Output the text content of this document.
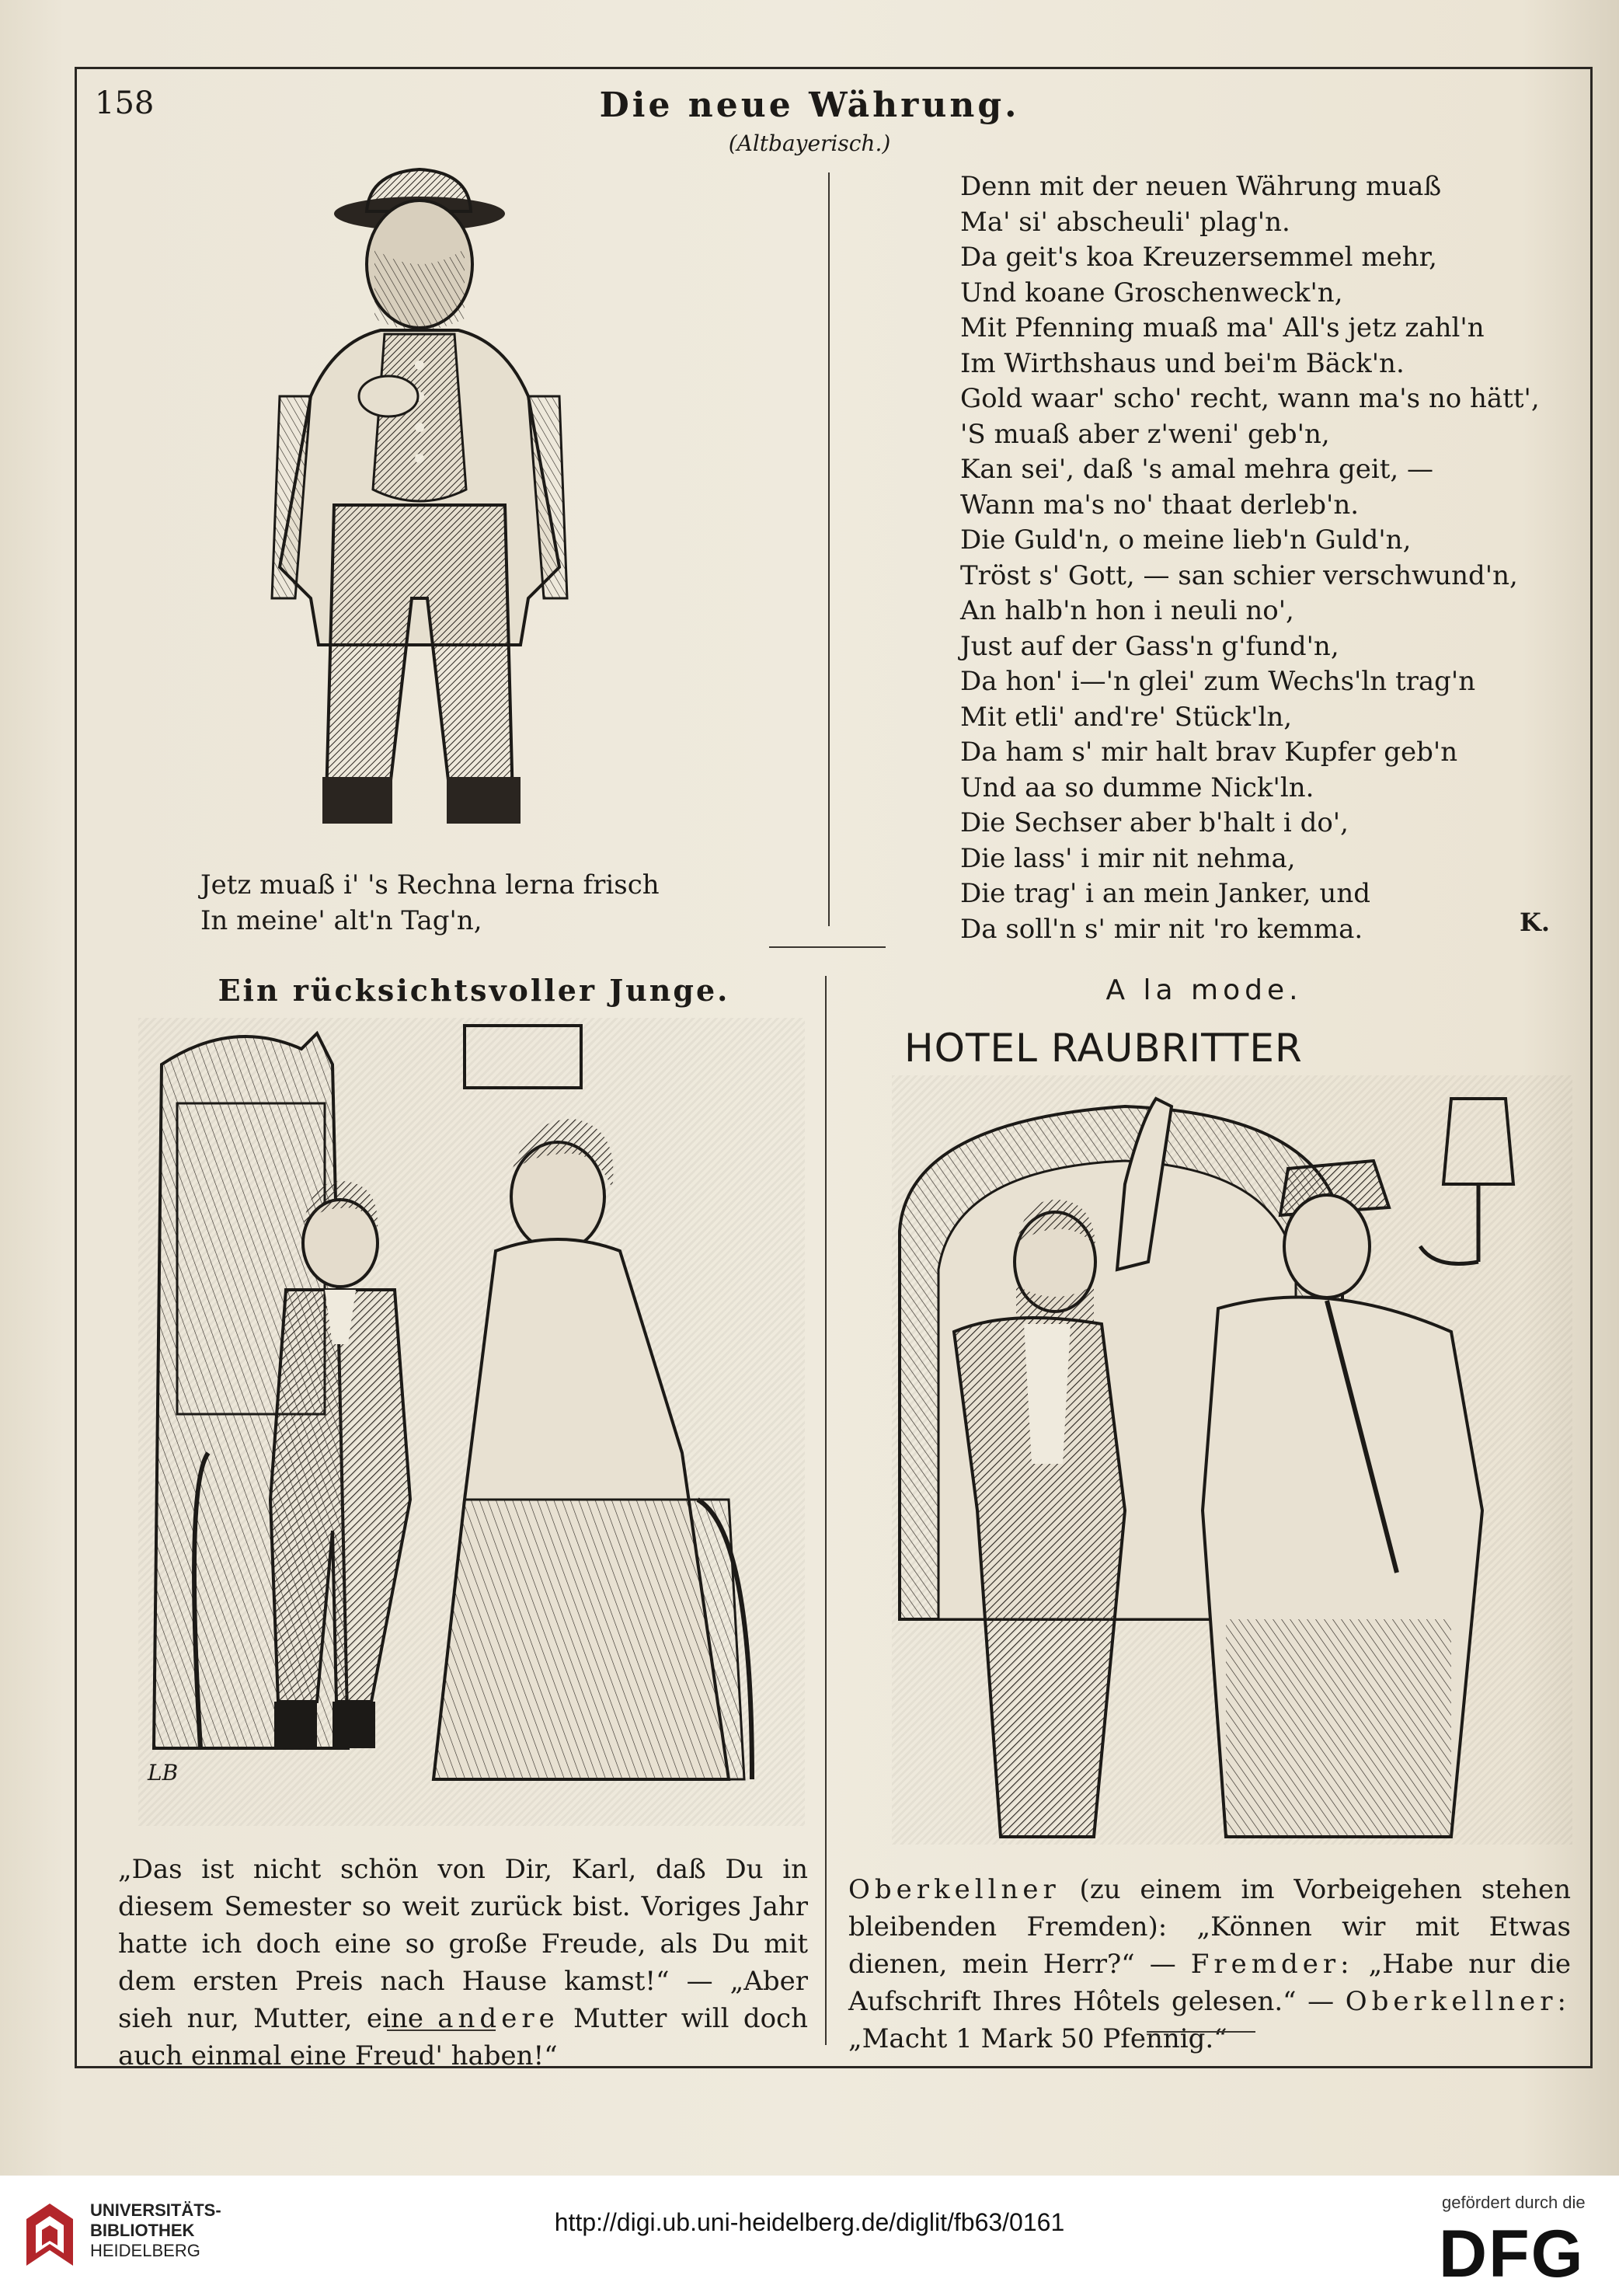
158	Die neue Währung.
(Altbayerisch.)
Denn mit der neuen Währung muaß
Ma' si' abscheuli' plag'n.
Da geit's koa Kreuzersemmel mehr,
Und koane Groschenweck'n,
Mit Pfenning muaß ma' All's jetz zahl'n
Im Wirthshaus und bei'm Bäck'n.
Gold waar' scho' recht, wann ma's no hätt',
'S muaß aber z'weni' geb'n,
Kan sei', daß 's amal mehra geit, —
Wann ma's no' thaat derleb'n.
Die Guld'n, o meine lieb'n Guld'n,
Tröst s' Gott, — san schier verschwund'n,
An halb'n hon i neuli no',
Just auf der Gass'n g'fund'n,
Da hon' i—'n glei' zum Wechs'ln trag'n
Mit etli' and're' Stück'ln,
Da ham s' mir halt brav Kupfer geb'n
Und aa so dumme Nick'ln.
Die Sechser aber b'halt i do',
Die lass' i mir nit nehma,
Die trag' i an mein Janker, und
Da soll'n s' mir nit 'ro kemma.
Jetz muaß i' 's Rechna lerna frisch
In meine' alt'n Tag'n,	K.
Ein rücksichtsvoller Junge.	A la mode.
LB
HOTEL RAUBRITTER
„Das ist nicht schön von Dir, Karl, daß Du in diesem Semester so weit zurück bist. Voriges Jahr hatte ich doch eine so große Freude, als Du mit dem ersten Preis nach Hause kamst!“ — „Aber sieh nur, Mutter, eine andere Mutter will doch auch einmal eine Freud' haben!“
Oberkellner (zu einem im Vorbeigehen stehen bleibenden Fremden): „Können wir mit Etwas dienen, mein Herr?“ — Fremder: „Habe nur die Aufschrift Ihres Hôtels gelesen.“ — Oberkellner: „Macht 1 Mark 50 Pfennig.“
UNIVERSITÄTS-
BIBLIOTHEK
HEIDELBERG
http://digi.ub.uni-heidelberg.de/diglit/fb63/0161
gefördert durch die
DFG
